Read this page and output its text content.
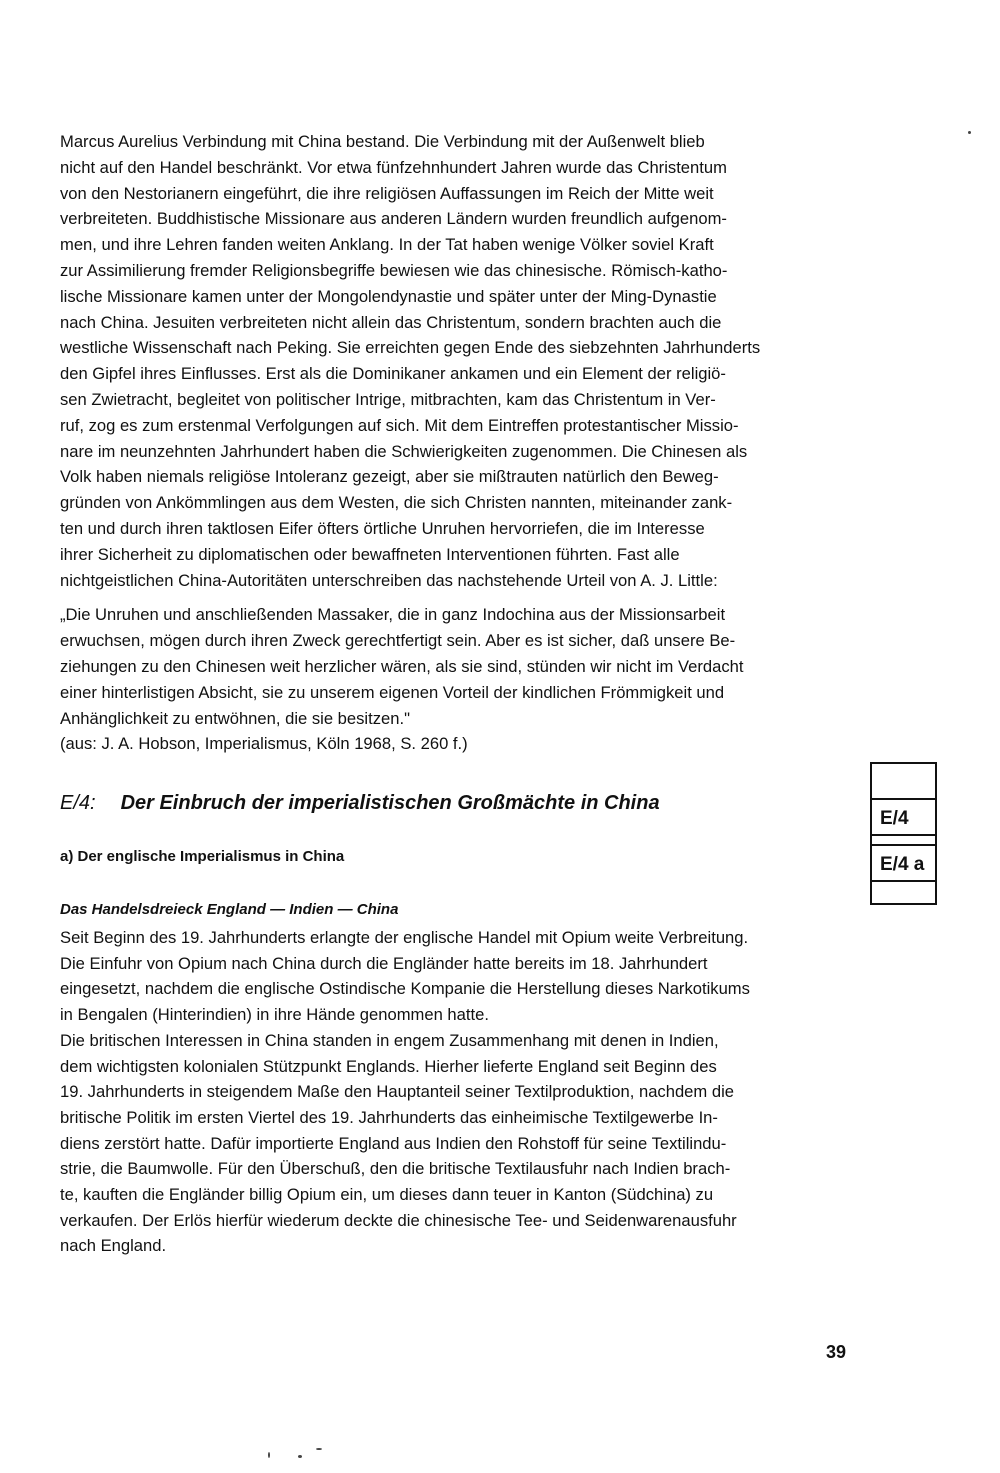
Marcus Aurelius Verbindung mit China bestand. Die Verbindung mit der Außenwelt blieb
nicht auf den Handel beschränkt. Vor etwa fünfzehnhundert Jahren wurde das Christentum
von den Nestorianern eingeführt, die ihre religiösen Auffassungen im Reich der Mitte weit
verbreiteten. Buddhistische Missionare aus anderen Ländern wurden freundlich aufgenom-
men, und ihre Lehren fanden weiten Anklang. In der Tat haben wenige Völker soviel Kraft
zur Assimilierung fremder Religionsbegriffe bewiesen wie das chinesische. Römisch-katho-
lische Missionare kamen unter der Mongolendynastie und später unter der Ming-Dynastie
nach China. Jesuiten verbreiteten nicht allein das Christentum, sondern brachten auch die
westliche Wissenschaft nach Peking. Sie erreichten gegen Ende des siebzehnten Jahrhunderts
den Gipfel ihres Einflusses. Erst als die Dominikaner ankamen und ein Element der religiö-
sen Zwietracht, begleitet von politischer Intrige, mitbrachten, kam das Christentum in Ver-
ruf, zog es zum erstenmal Verfolgungen auf sich. Mit dem Eintreffen protestantischer Missio-
nare im neunzehnten Jahrhundert haben die Schwierigkeiten zugenommen. Die Chinesen als
Volk haben niemals religiöse Intoleranz gezeigt, aber sie mißtrauten natürlich den Beweg-
gründen von Ankömmlingen aus dem Westen, die sich Christen nannten, miteinander zank-
ten und durch ihren taktlosen Eifer öfters örtliche Unruhen hervorriefen, die im Interesse
ihrer Sicherheit zu diplomatischen oder bewaffneten Interventionen führten. Fast alle
nichtgeistlichen China-Autoritäten unterschreiben das nachstehende Urteil von A. J. Little:
„Die Unruhen und anschließenden Massaker, die in ganz Indochina aus der Missionsarbeit
erwuchsen, mögen durch ihren Zweck gerechtfertigt sein. Aber es ist sicher, daß unsere Be-
ziehungen zu den Chinesen weit herzlicher wären, als sie sind, stünden wir nicht im Verdacht
einer hinterlistigen Absicht, sie zu unserem eigenen Vorteil der kindlichen Frömmigkeit und
Anhänglichkeit zu entwöhnen, die sie besitzen."
(aus: J. A. Hobson, Imperialismus, Köln 1968, S. 260 f.)
E/4: Der Einbruch der imperialistischen Großmächte in China
a) Der englische Imperialismus in China
Das Handelsdreieck England — Indien — China
Seit Beginn des 19. Jahrhunderts erlangte der englische Handel mit Opium weite Verbreitung.
Die Einfuhr von Opium nach China durch die Engländer hatte bereits im 18. Jahrhundert
eingesetzt, nachdem die englische Ostindische Kompanie die Herstellung dieses Narkotikums
in Bengalen (Hinterindien) in ihre Hände genommen hatte.
Die britischen Interessen in China standen in engem Zusammenhang mit denen in Indien,
dem wichtigsten kolonialen Stützpunkt Englands. Hierher lieferte England seit Beginn des
19. Jahrhunderts in steigendem Maße den Hauptanteil seiner Textilproduktion, nachdem die
britische Politik im ersten Viertel des 19. Jahrhunderts das einheimische Textilgewerbe In-
diens zerstört hatte. Dafür importierte England aus Indien den Rohstoff für seine Textilindu-
strie, die Baumwolle. Für den Überschuß, den die britische Textilausfuhr nach Indien brach-
te, kauften die Engländer billig Opium ein, um dieses dann teuer in Kanton (Südchina) zu
verkaufen. Der Erlös hierfür wiederum deckte die chinesische Tee- und Seidenwarenausfuhr
nach England.
E/4
E/4 a
39
